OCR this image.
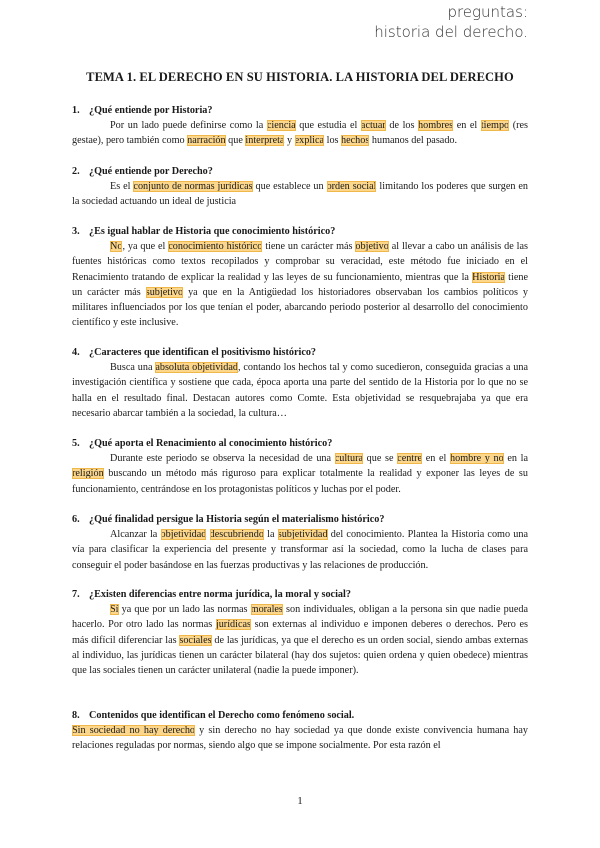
preguntas:
historia del derecho.
TEMA 1. EL DERECHO EN SU HISTORIA. LA HISTORIA DEL DERECHO
1. ¿Qué entiende por Historia?
Por un lado puede definirse como la ciencia que estudia el actuar de los hombres en el tiempo (res gestae), pero también como narración que interpreta y explica los hechos humanos del pasado.
2. ¿Qué entiende por Derecho?
Es el conjunto de normas jurídicas que establece un orden social limitando los poderes que surgen en la sociedad actuando un ideal de justicia
3. ¿Es igual hablar de Historia que conocimiento histórico?
No, ya que el conocimiento histórico tiene un carácter más objetivo al llevar a cabo un análisis de las fuentes históricas como textos recopilados y comprobar su veracidad, este método fue iniciado en el Renacimiento tratando de explicar la realidad y las leyes de su funcionamiento, mientras que la Historia tiene un carácter más subjetivo ya que en la Antigüedad los historiadores observaban los cambios políticos y militares influenciados por los que tenían el poder, abarcando periodo posterior al desarrollo del conocimiento científico y este inclusive.
4. ¿Caracteres que identifican el positivismo histórico?
Busca una absoluta objetividad, contando los hechos tal y como sucedieron, conseguida gracias a una investigación científica y sostiene que cada, época aporta una parte del sentido de la Historia por lo que no se halla en el resultado final. Destacan autores como Comte. Esta objetividad se resquebrajaba ya que era necesario abarcar también a la sociedad, la cultura…
5. ¿Qué aporta el Renacimiento al conocimiento histórico?
Durante este periodo se observa la necesidad de una cultura que se centre en el hombre y no en la religión buscando un método más riguroso para explicar totalmente la realidad y exponer las leyes de su funcionamiento, centrándose en los protagonistas políticos y luchas por el poder.
6. ¿Qué finalidad persigue la Historia según el materialismo histórico?
Alcanzar la objetividad descubriendo la subjetividad del conocimiento. Plantea la Historia como una vía para clasificar la experiencia del presente y transformar así la sociedad, como la lucha de clases para conseguir el poder basándose en las fuerzas productivas y las relaciones de producción.
7. ¿Existen diferencias entre norma jurídica, la moral y social?
Sí ya que por un lado las normas morales son individuales, obligan a la persona sin que nadie pueda hacerlo. Por otro lado las normas jurídicas son externas al individuo e imponen deberes o derechos. Pero es más difícil diferenciar las sociales de las jurídicas, ya que el derecho es un orden social, siendo ambas externas al individuo, las jurídicas tienen un carácter bilateral (hay dos sujetos: quien ordena y quien obedece) mientras que las sociales tienen un carácter unilateral (nadie la puede imponer).
8. Contenidos que identifican el Derecho como fenómeno social.
Sin sociedad no hay derecho y sin derecho no hay sociedad ya que donde existe convivencia humana hay relaciones reguladas por normas, siendo algo que se impone socialmente. Por esta razón el
1
